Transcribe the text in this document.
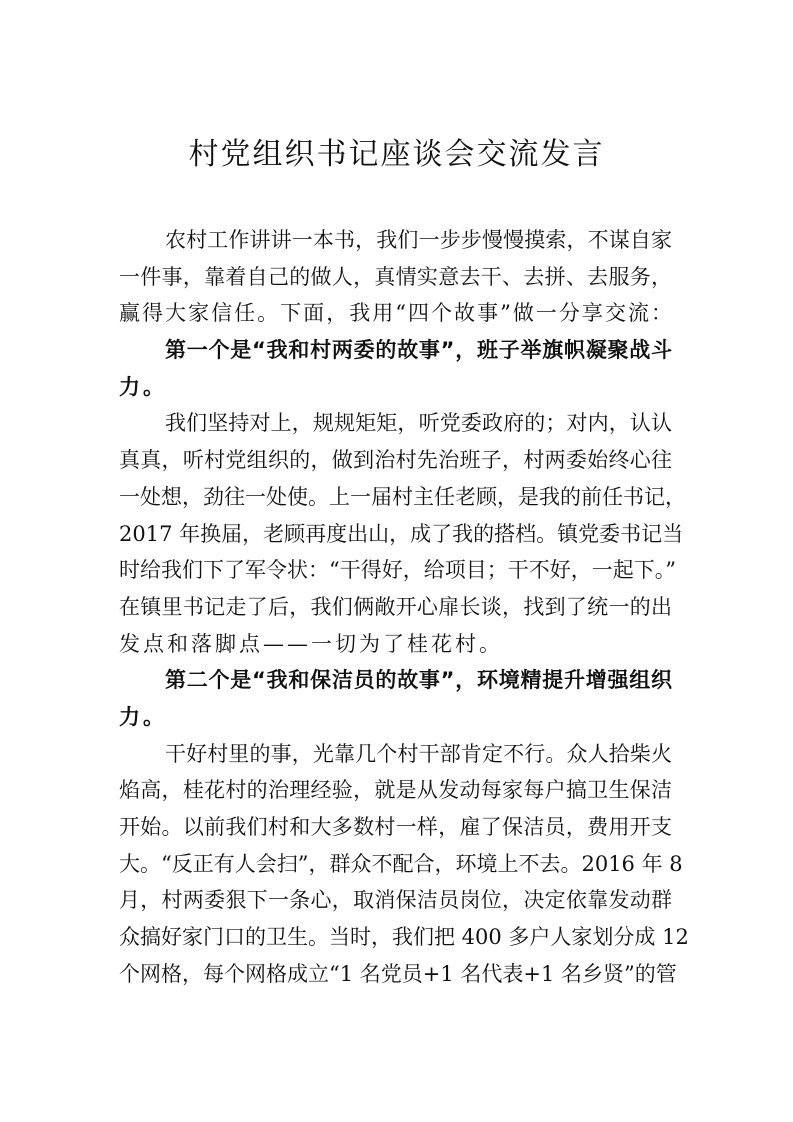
村党组织书记座谈会交流发言
农村工作讲讲一本书，我们一步步慢慢摸索，不谋自家
一件事，靠着自己的做人，真情实意去干、去拼、去服务，
赢得大家信任。下面，我用“四个故事”做一分享交流：
第一个是“我和村两委的故事”，班子举旗帜凝聚战斗
力。
我们坚持对上，规规矩矩，听党委政府的；对内，认认
真真，听村党组织的，做到治村先治班子，村两委始终心往
一处想，劲往一处使。上一届村主任老顾，是我的前任书记，
2017 年换届，老顾再度出山，成了我的搭档。镇党委书记当
时给我们下了军令状：“干得好，给项目；干不好，一起下。”
在镇里书记走了后，我们俩敞开心扉长谈，找到了统一的出
发点和落脚点——一切为了桂花村。
第二个是“我和保洁员的故事”，环境精提升增强组织
力。
干好村里的事，光靠几个村干部肯定不行。众人拾柴火
焰高，桂花村的治理经验，就是从发动每家每户搞卫生保洁
开始。以前我们村和大多数村一样，雇了保洁员，费用开支
大。“反正有人会扫”，群众不配合，环境上不去。2016 年 8
月，村两委狠下一条心，取消保洁员岗位，决定依靠发动群
众搞好家门口的卫生。当时，我们把 400 多户人家划分成 12
个网格，每个网格成立“1 名党员+1 名代表+1 名乡贤”的管
